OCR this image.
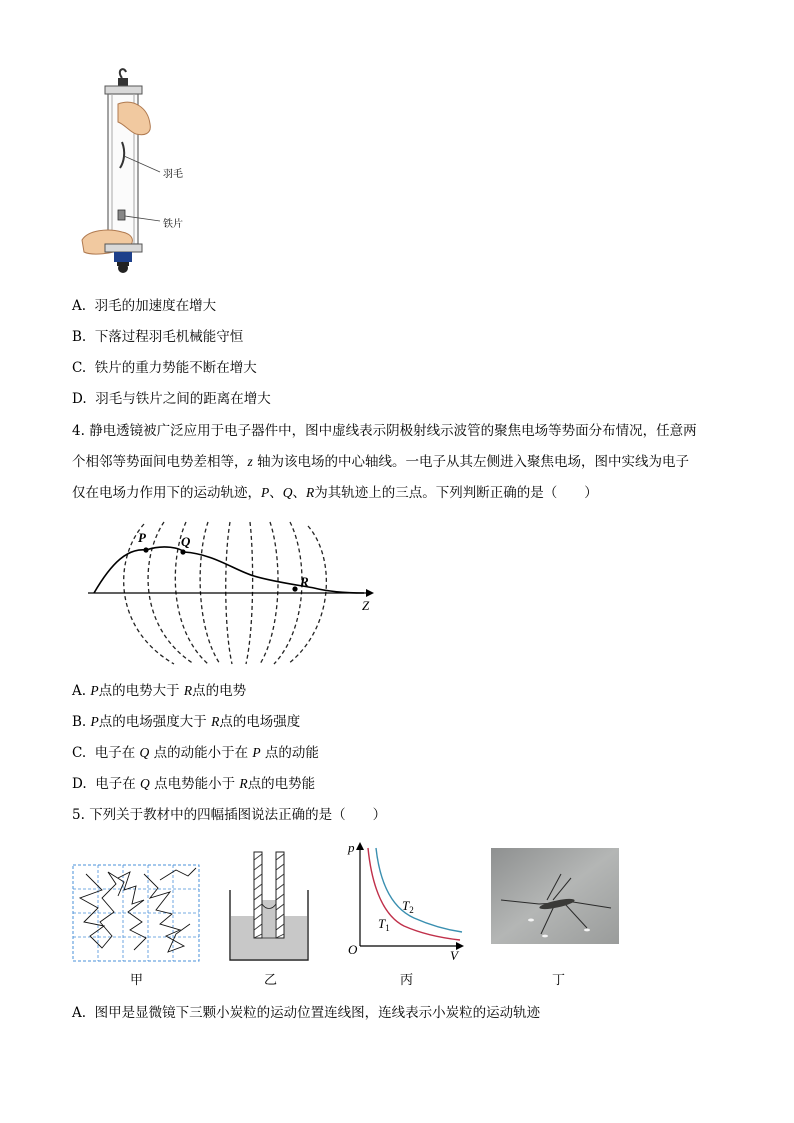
羽毛
铁片
A. 羽毛的加速度在增大
B. 下落过程羽毛机械能守恒
C. 铁片的重力势能不断在增大
D. 羽毛与铁片之间的距离在增大
4. 静电透镜被广泛应用于电子器件中，图中虚线表示阴极射线示波管的聚焦电场等势面分布情况，任意两
个相邻等势面间电势差相等，z 轴为该电场的中心轴线。一电子从其左侧进入聚焦电场，图中实线为电子
仅在电场力作用下的运动轨迹，P、Q、R为其轨迹上的三点。下列判断正确的是（　　）
P	Q
R
Z
A. P点的电势大于 R点的电势
B. P点的电场强度大于 R点的电场强度
C. 电子在 Q 点的动能小于在 P 点的动能
D. 电子在 Q 点电势能小于 R点的电势能
5. 下列关于教材中的四幅插图说法正确的是（　　）
甲	乙
p
V
O
$T_2$
$T_1$
丙	丁
A. 图甲是显微镜下三颗小炭粒的运动位置连线图，连线表示小炭粒的运动轨迹
